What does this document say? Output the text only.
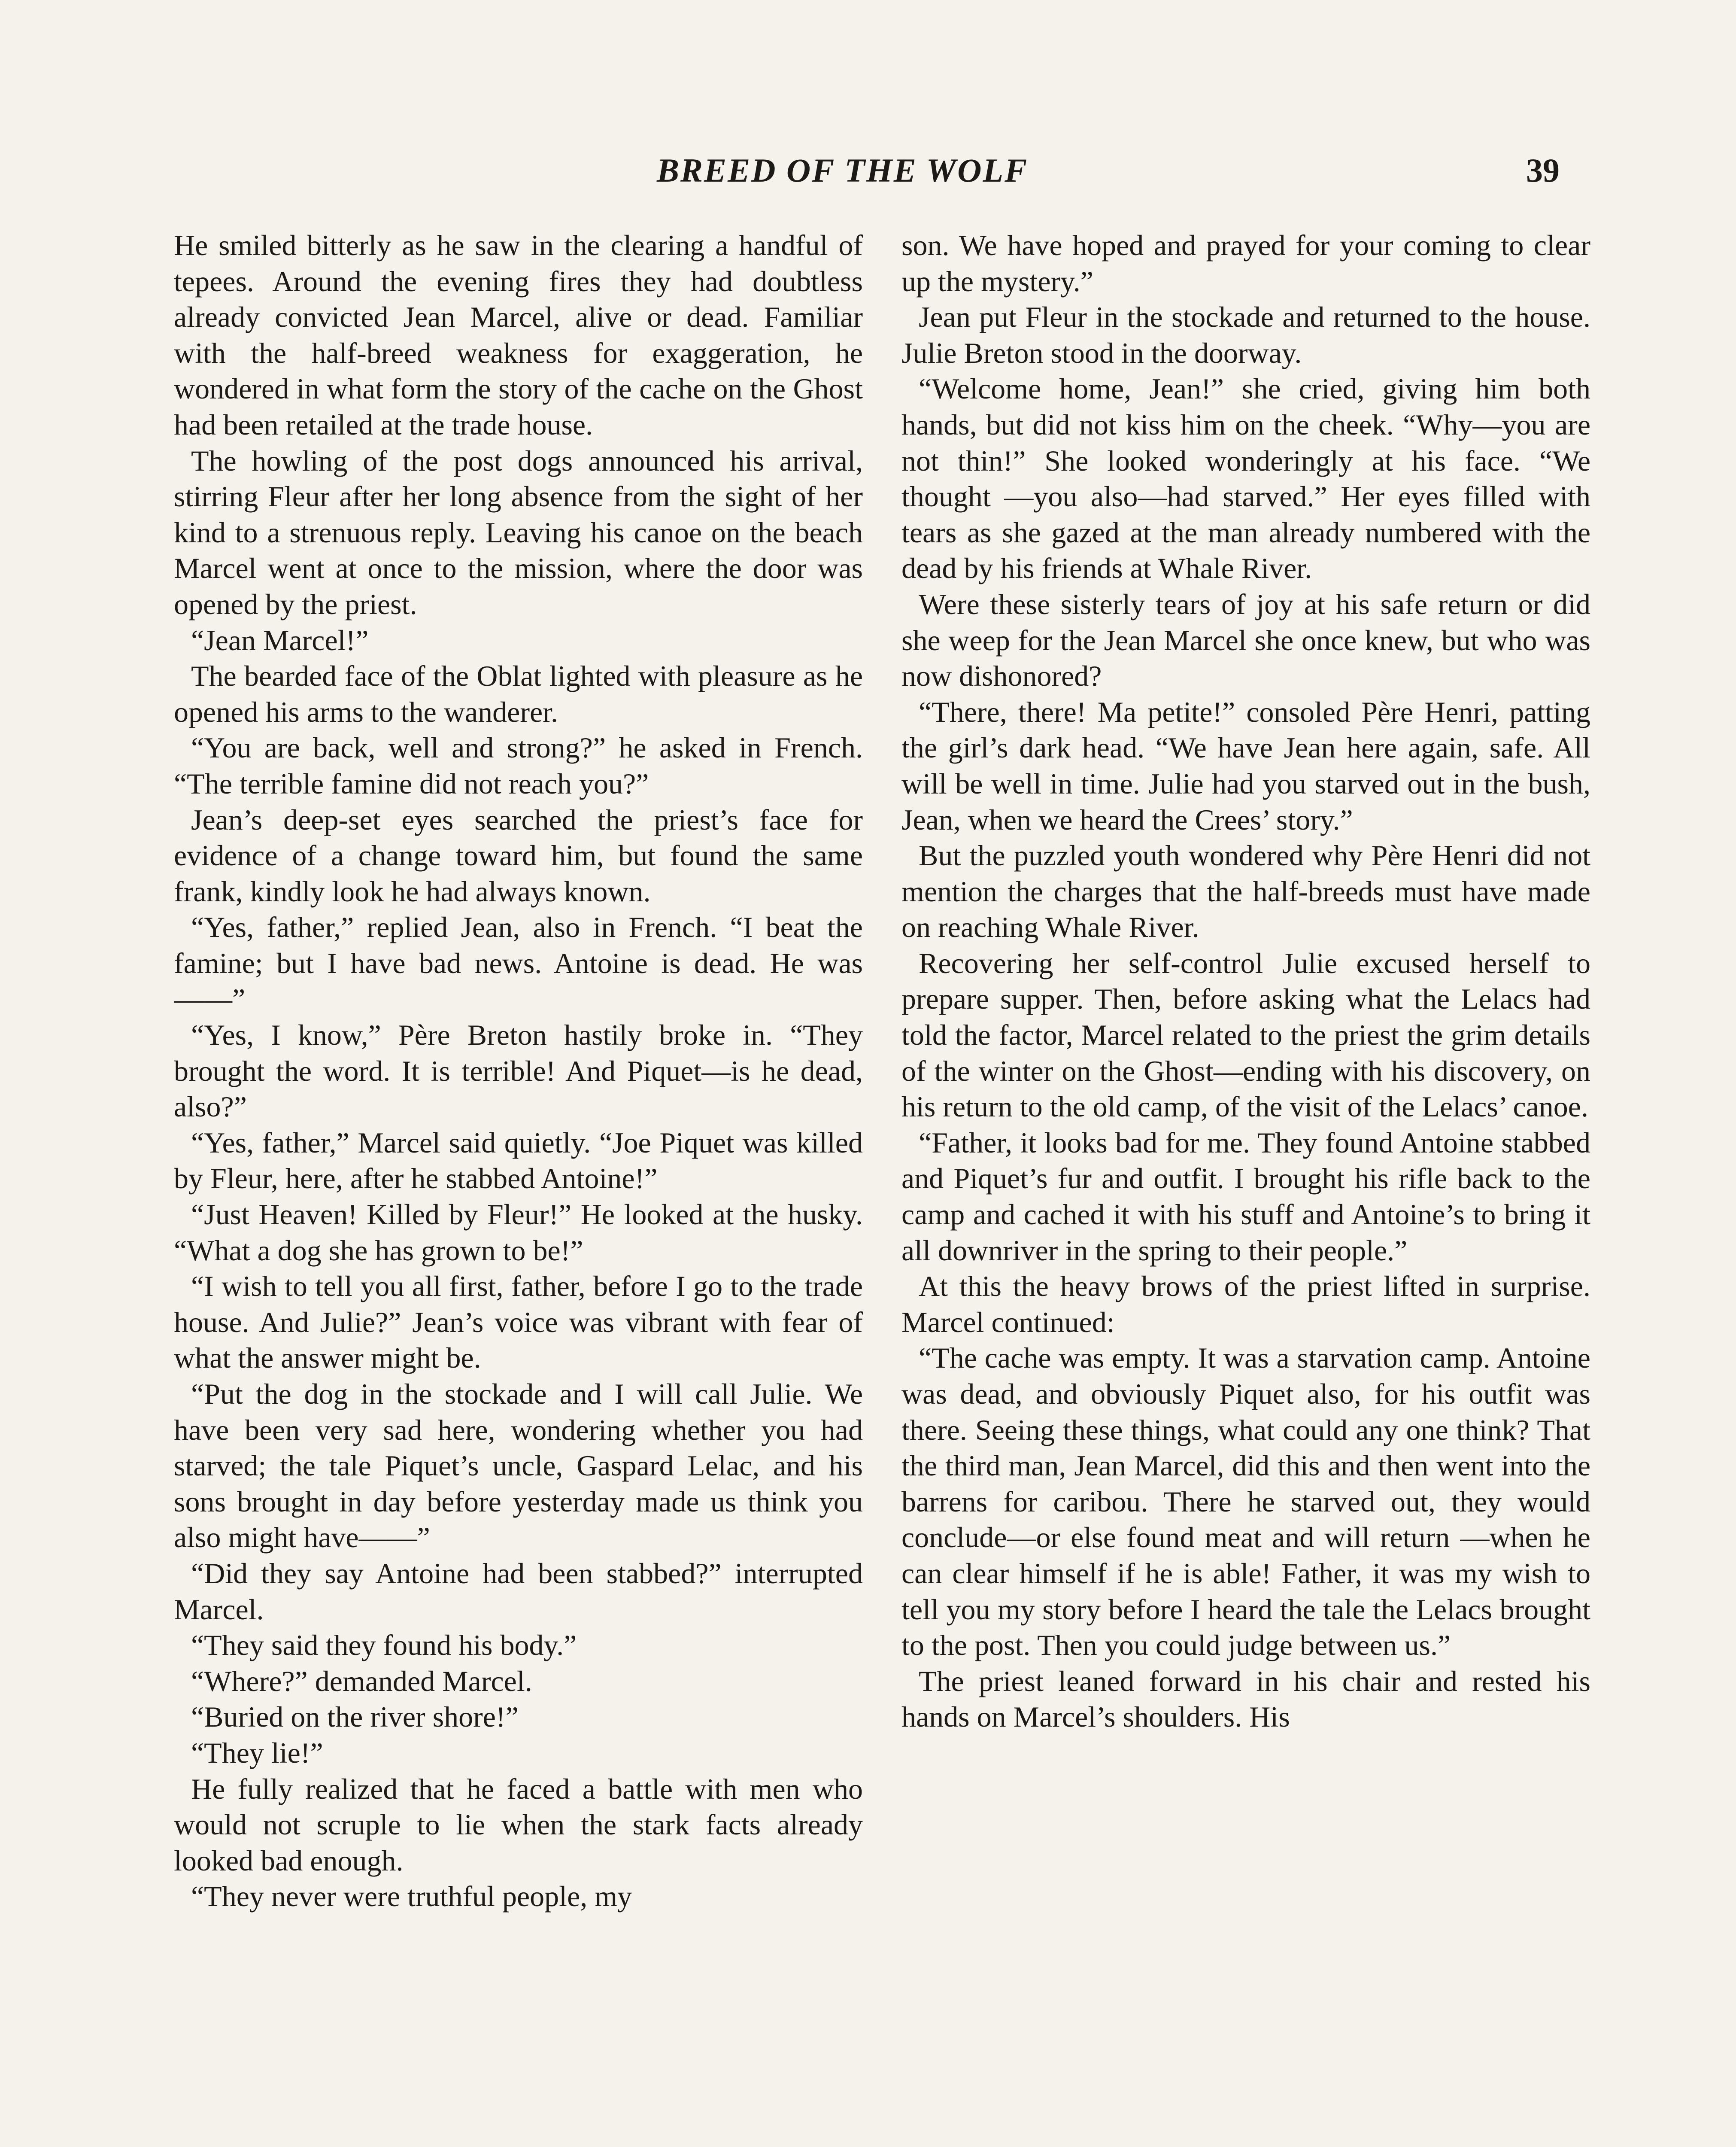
BREED OF THE WOLF	39

He smiled bitterly as he saw in the clearing a handful of tepees. Around the evening fires they had doubtless already convicted Jean Marcel, alive or dead. Familiar with the half-breed weakness for exaggeration, he wondered in what form the story of the cache on the Ghost had been retailed at the trade house.

The howling of the post dogs announced his arrival, stirring Fleur after her long absence from the sight of her kind to a strenuous reply. Leaving his canoe on the beach Marcel went at once to the mission, where the door was opened by the priest.

“Jean Marcel!”

The bearded face of the Oblat lighted with pleasure as he opened his arms to the wanderer.

“You are back, well and strong?” he asked in French. “The terrible famine did not reach you?”

Jean’s deep-set eyes searched the priest’s face for evidence of a change toward him, but found the same frank, kindly look he had always known.

“Yes, father,” replied Jean, also in French. “I beat the famine; but I have bad news. Antoine is dead. He was——”

“Yes, I know,” Père Breton hastily broke in. “They brought the word. It is terrible! And Piquet—is he dead, also?”

“Yes, father,” Marcel said quietly. “Joe Piquet was killed by Fleur, here, after he stabbed Antoine!”

“Just Heaven! Killed by Fleur!” He looked at the husky. “What a dog she has grown to be!”

“I wish to tell you all first, father, before I go to the trade house. And Julie?” Jean’s voice was vibrant with fear of what the answer might be.

“Put the dog in the stockade and I will call Julie. We have been very sad here, wondering whether you had starved; the tale Piquet’s uncle, Gaspard Lelac, and his sons brought in day before yesterday made us think you also might have——”

“Did they say Antoine had been stabbed?” interrupted Marcel.

“They said they found his body.”

“Where?” demanded Marcel.

“Buried on the river shore!”

“They lie!”

He fully realized that he faced a battle with men who would not scruple to lie when the stark facts already looked bad enough.

“They never were truthful people, my

son. We have hoped and prayed for your coming to clear up the mystery.”

Jean put Fleur in the stockade and returned to the house. Julie Breton stood in the doorway.

“Welcome home, Jean!” she cried, giving him both hands, but did not kiss him on the cheek. “Why—you are not thin!” She looked wonderingly at his face. “We thought —you also—had starved.” Her eyes filled with tears as she gazed at the man already numbered with the dead by his friends at Whale River.

Were these sisterly tears of joy at his safe return or did she weep for the Jean Marcel she once knew, but who was now dishonored?

“There, there! Ma petite!” consoled Père Henri, patting the girl’s dark head. “We have Jean here again, safe. All will be well in time. Julie had you starved out in the bush, Jean, when we heard the Crees’ story.”

But the puzzled youth wondered why Père Henri did not mention the charges that the half-breeds must have made on reaching Whale River.

Recovering her self-control Julie excused herself to prepare supper. Then, before asking what the Lelacs had told the factor, Marcel related to the priest the grim details of the winter on the Ghost—ending with his discovery, on his return to the old camp, of the visit of the Lelacs’ canoe.

“Father, it looks bad for me. They found Antoine stabbed and Piquet’s fur and outfit. I brought his rifle back to the camp and cached it with his stuff and Antoine’s to bring it all downriver in the spring to their people.”

At this the heavy brows of the priest lifted in surprise. Marcel continued:

“The cache was empty. It was a starvation camp. Antoine was dead, and obviously Piquet also, for his outfit was there. Seeing these things, what could any one think? That the third man, Jean Marcel, did this and then went into the barrens for caribou. There he starved out, they would conclude—or else found meat and will return —when he can clear himself if he is able! Father, it was my wish to tell you my story before I heard the tale the Lelacs brought to the post. Then you could judge between us.”

The priest leaned forward in his chair and rested his hands on Marcel’s shoulders. His
